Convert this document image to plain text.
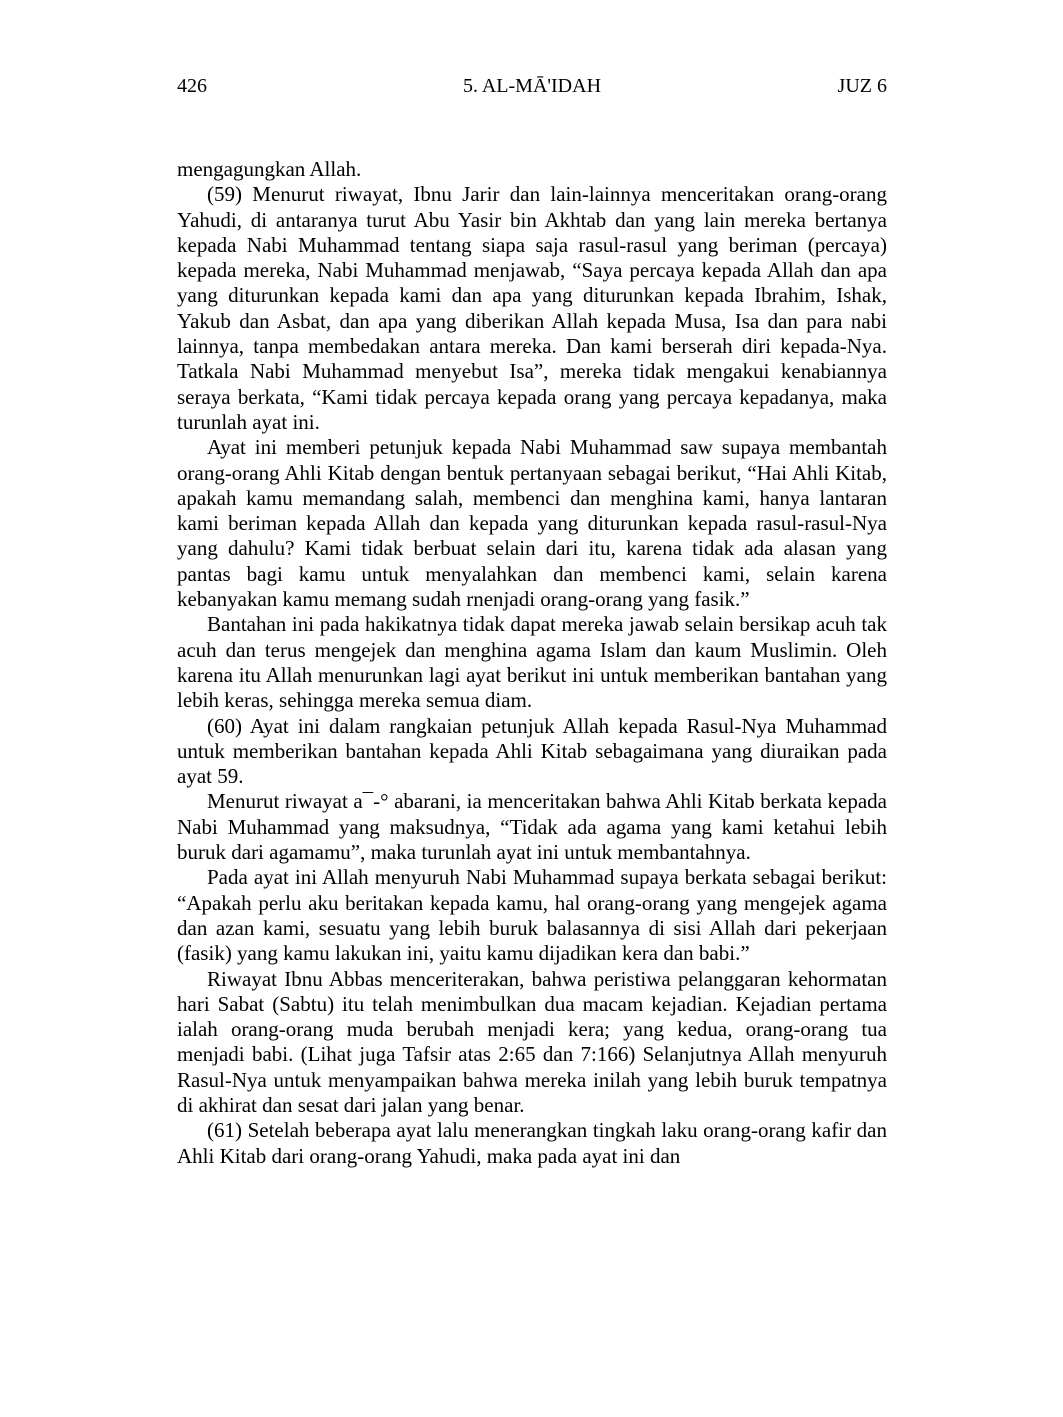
426	5. AL-MĀ'IDAH	JUZ 6

mengagungkan Allah.

(59) Menurut riwayat, Ibnu Jarir dan lain-lainnya menceritakan orang-orang Yahudi, di antaranya turut Abu Yasir bin Akhtab dan yang lain mereka bertanya kepada Nabi Muhammad tentang siapa saja rasul-rasul yang beriman (percaya) kepada mereka, Nabi Muhammad menjawab, “Saya percaya kepada Allah dan apa yang diturunkan kepada kami dan apa yang diturunkan kepada Ibrahim, Ishak, Yakub dan Asbat, dan apa yang diberikan Allah kepada Musa, Isa dan para nabi lainnya, tanpa membedakan antara mereka. Dan kami berserah diri kepada-Nya. Tatkala Nabi Muhammad menyebut Isa”, mereka tidak mengakui kenabiannya seraya berkata, “Kami tidak percaya kepada orang yang percaya kepadanya, maka turunlah ayat ini.

Ayat ini memberi petunjuk kepada Nabi Muhammad saw supaya membantah orang-orang Ahli Kitab dengan bentuk pertanyaan sebagai berikut, “Hai Ahli Kitab, apakah kamu memandang salah, membenci dan menghina kami, hanya lantaran kami beriman kepada Allah dan kepada yang diturunkan kepada rasul-rasul-Nya yang dahulu? Kami tidak berbuat selain dari itu, karena tidak ada alasan yang pantas bagi kamu untuk menyalahkan dan membenci kami, selain karena kebanyakan kamu memang sudah rnenjadi orang-orang yang fasik.”

Bantahan ini pada hakikatnya tidak dapat mereka jawab selain bersikap acuh tak acuh dan terus mengejek dan menghina agama Islam dan kaum Muslimin. Oleh karena itu Allah menurunkan lagi ayat berikut ini untuk memberikan bantahan yang lebih keras, sehingga mereka semua diam.

(60) Ayat ini dalam rangkaian petunjuk Allah kepada Rasul-Nya Muhammad untuk memberikan bantahan kepada Ahli Kitab sebagaimana yang diuraikan pada ayat 59.

Menurut riwayat a¯-° abarani, ia menceritakan bahwa Ahli Kitab berkata kepada Nabi Muhammad yang maksudnya, “Tidak ada agama yang kami ketahui lebih buruk dari agamamu”, maka turunlah ayat ini untuk membantahnya.

Pada ayat ini Allah menyuruh Nabi Muhammad supaya berkata sebagai berikut: “Apakah perlu aku beritakan kepada kamu, hal orang-orang yang mengejek agama dan azan kami, sesuatu yang lebih buruk balasannya di sisi Allah dari pekerjaan (fasik) yang kamu lakukan ini, yaitu kamu dijadikan kera dan babi.”

Riwayat Ibnu Abbas menceriterakan, bahwa peristiwa pelanggaran kehormatan hari Sabat (Sabtu) itu telah menimbulkan dua macam kejadian. Kejadian pertama ialah orang-orang muda berubah menjadi kera; yang kedua, orang-orang tua menjadi babi. (Lihat juga Tafsir atas 2:65 dan 7:166) Selanjutnya Allah menyuruh Rasul-Nya untuk menyampaikan bahwa mereka inilah yang lebih buruk tempatnya di akhirat dan sesat dari jalan yang benar.

(61) Setelah beberapa ayat lalu menerangkan tingkah laku orang-orang kafir dan Ahli Kitab dari orang-orang Yahudi, maka pada ayat ini dan
